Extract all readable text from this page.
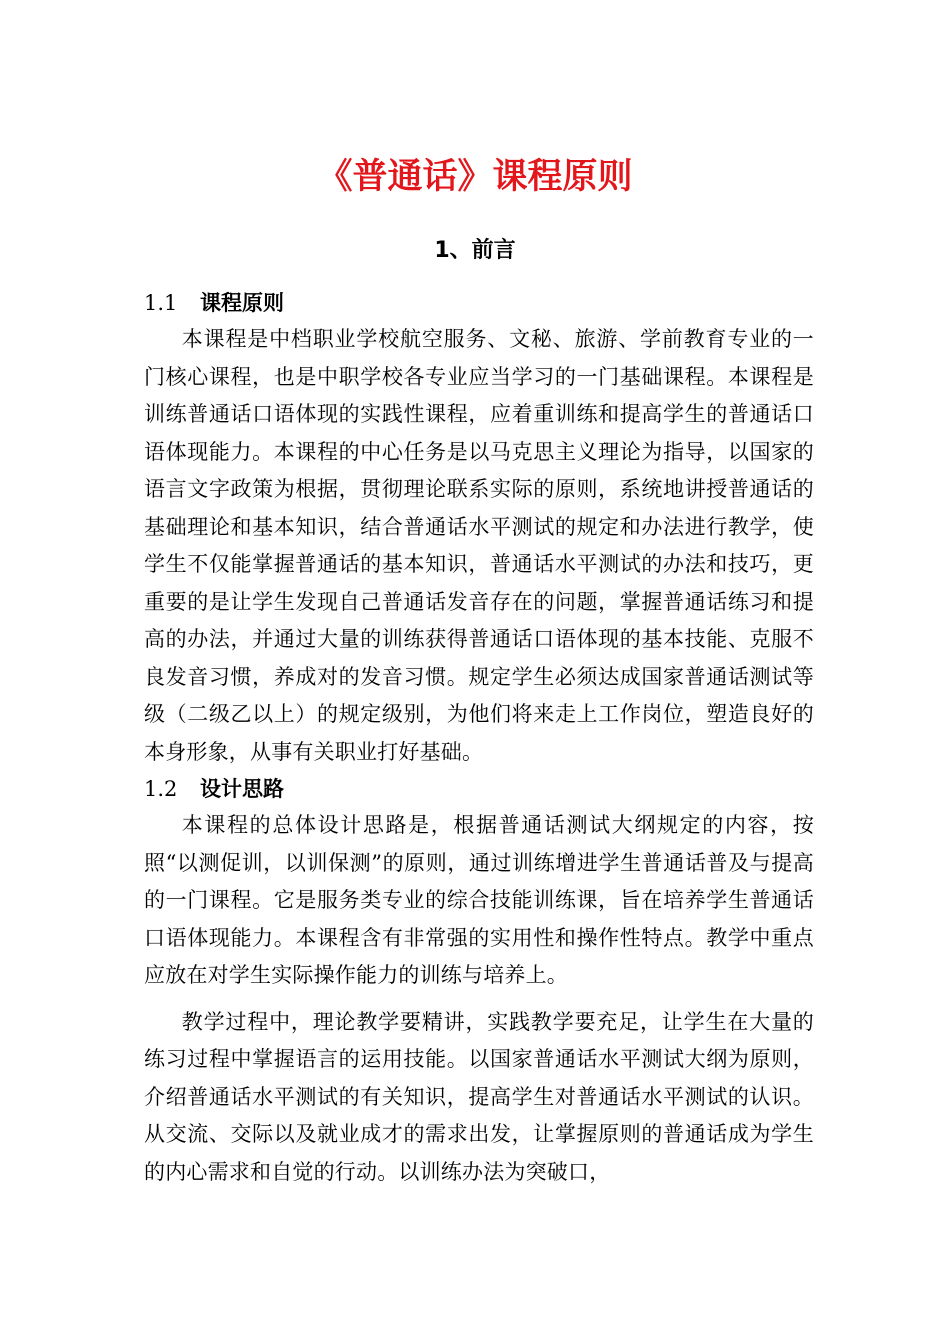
《普通话》课程原则
1、前言
1.1 课程原则

本课程是中档职业学校航空服务、文秘、旅游、学前教育专业的一门核心课程，也是中职学校各专业应当学习的一门基础课程。本课程是训练普通话口语体现的实践性课程，应着重训练和提高学生的普通话口语体现能力。本课程的中心任务是以马克思主义理论为指导，以国家的语言文字政策为根据，贯彻理论联系实际的原则，系统地讲授普通话的基础理论和基本知识，结合普通话水平测试的规定和办法进行教学，使学生不仅能掌握普通话的基本知识，普通话水平测试的办法和技巧，更重要的是让学生发现自己普通话发音存在的问题，掌握普通话练习和提高的办法，并通过大量的训练获得普通话口语体现的基本技能、克服不良发音习惯，养成对的发音习惯。规定学生必须达成国家普通话测试等级（二级乙以上）的规定级别，为他们将来走上工作岗位，塑造良好的本身形象，从事有关职业打好基础。

1.2 设计思路

本课程的总体设计思路是，根据普通话测试大纲规定的内容，按照“以测促训，以训保测”的原则，通过训练增进学生普通话普及与提高的一门课程。它是服务类专业的综合技能训练课，旨在培养学生普通话口语体现能力。本课程含有非常强的实用性和操作性特点。教学中重点应放在对学生实际操作能力的训练与培养上。

教学过程中，理论教学要精讲，实践教学要充足，让学生在大量的练习过程中掌握语言的运用技能。以国家普通话水平测试大纲为原则，介绍普通话水平测试的有关知识，提高学生对普通话水平测试的认识。从交流、交际以及就业成才的需求出发，让掌握原则的普通话成为学生的内心需求和自觉的行动。以训练办法为突破口，
